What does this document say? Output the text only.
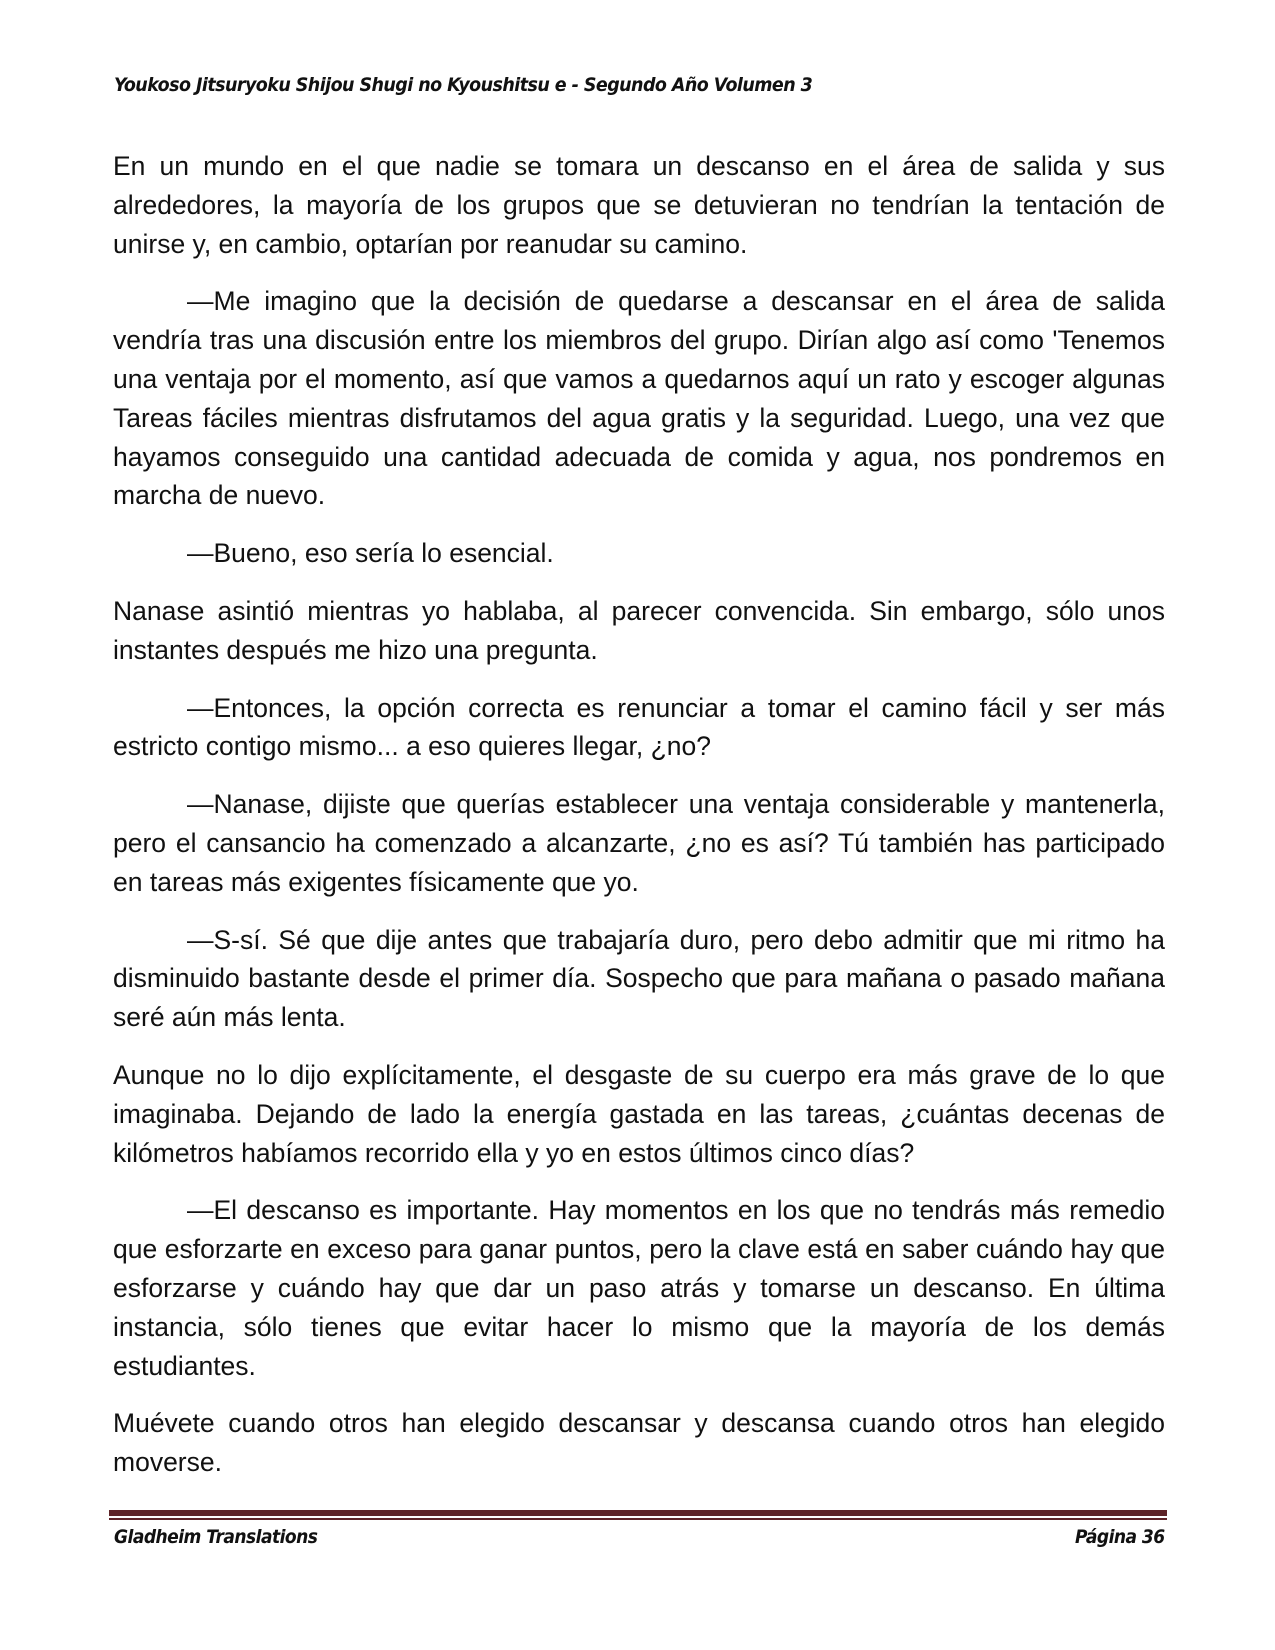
Youkoso Jitsuryoku Shijou Shugi no Kyoushitsu e - Segundo Año Volumen 3

En un mundo en el que nadie se tomara un descanso en el área de salida y sus alrededores, la mayoría de los grupos que se detuvieran no tendrían la tentación de unirse y, en cambio, optarían por reanudar su camino.

—Me imagino que la decisión de quedarse a descansar en el área de salida vendría tras una discusión entre los miembros del grupo. Dirían algo así como 'Tenemos una ventaja por el momento, así que vamos a quedarnos aquí un rato y escoger algunas Tareas fáciles mientras disfrutamos del agua gratis y la seguridad. Luego, una vez que hayamos conseguido una cantidad adecuada de comida y agua, nos pondremos en marcha de nuevo.

—Bueno, eso sería lo esencial.

Nanase asintió mientras yo hablaba, al parecer convencida. Sin embargo, sólo unos instantes después me hizo una pregunta.

—Entonces, la opción correcta es renunciar a tomar el camino fácil y ser más estricto contigo mismo... a eso quieres llegar, ¿no?

—Nanase, dijiste que querías establecer una ventaja considerable y mantenerla, pero el cansancio ha comenzado a alcanzarte, ¿no es así? Tú también has participado en tareas más exigentes físicamente que yo.

—S-sí. Sé que dije antes que trabajaría duro, pero debo admitir que mi ritmo ha disminuido bastante desde el primer día. Sospecho que para mañana o pasado mañana seré aún más lenta.

Aunque no lo dijo explícitamente, el desgaste de su cuerpo era más grave de lo que imaginaba. Dejando de lado la energía gastada en las tareas, ¿cuántas decenas de kilómetros habíamos recorrido ella y yo en estos últimos cinco días?

—El descanso es importante. Hay momentos en los que no tendrás más remedio que esforzarte en exceso para ganar puntos, pero la clave está en saber cuándo hay que esforzarse y cuándo hay que dar un paso atrás y tomarse un descanso. En última instancia, sólo tienes que evitar hacer lo mismo que la mayoría de los demás estudiantes.

Muévete cuando otros han elegido descansar y descansa cuando otros han elegido moverse.

Gladheim Translations	Página 36
